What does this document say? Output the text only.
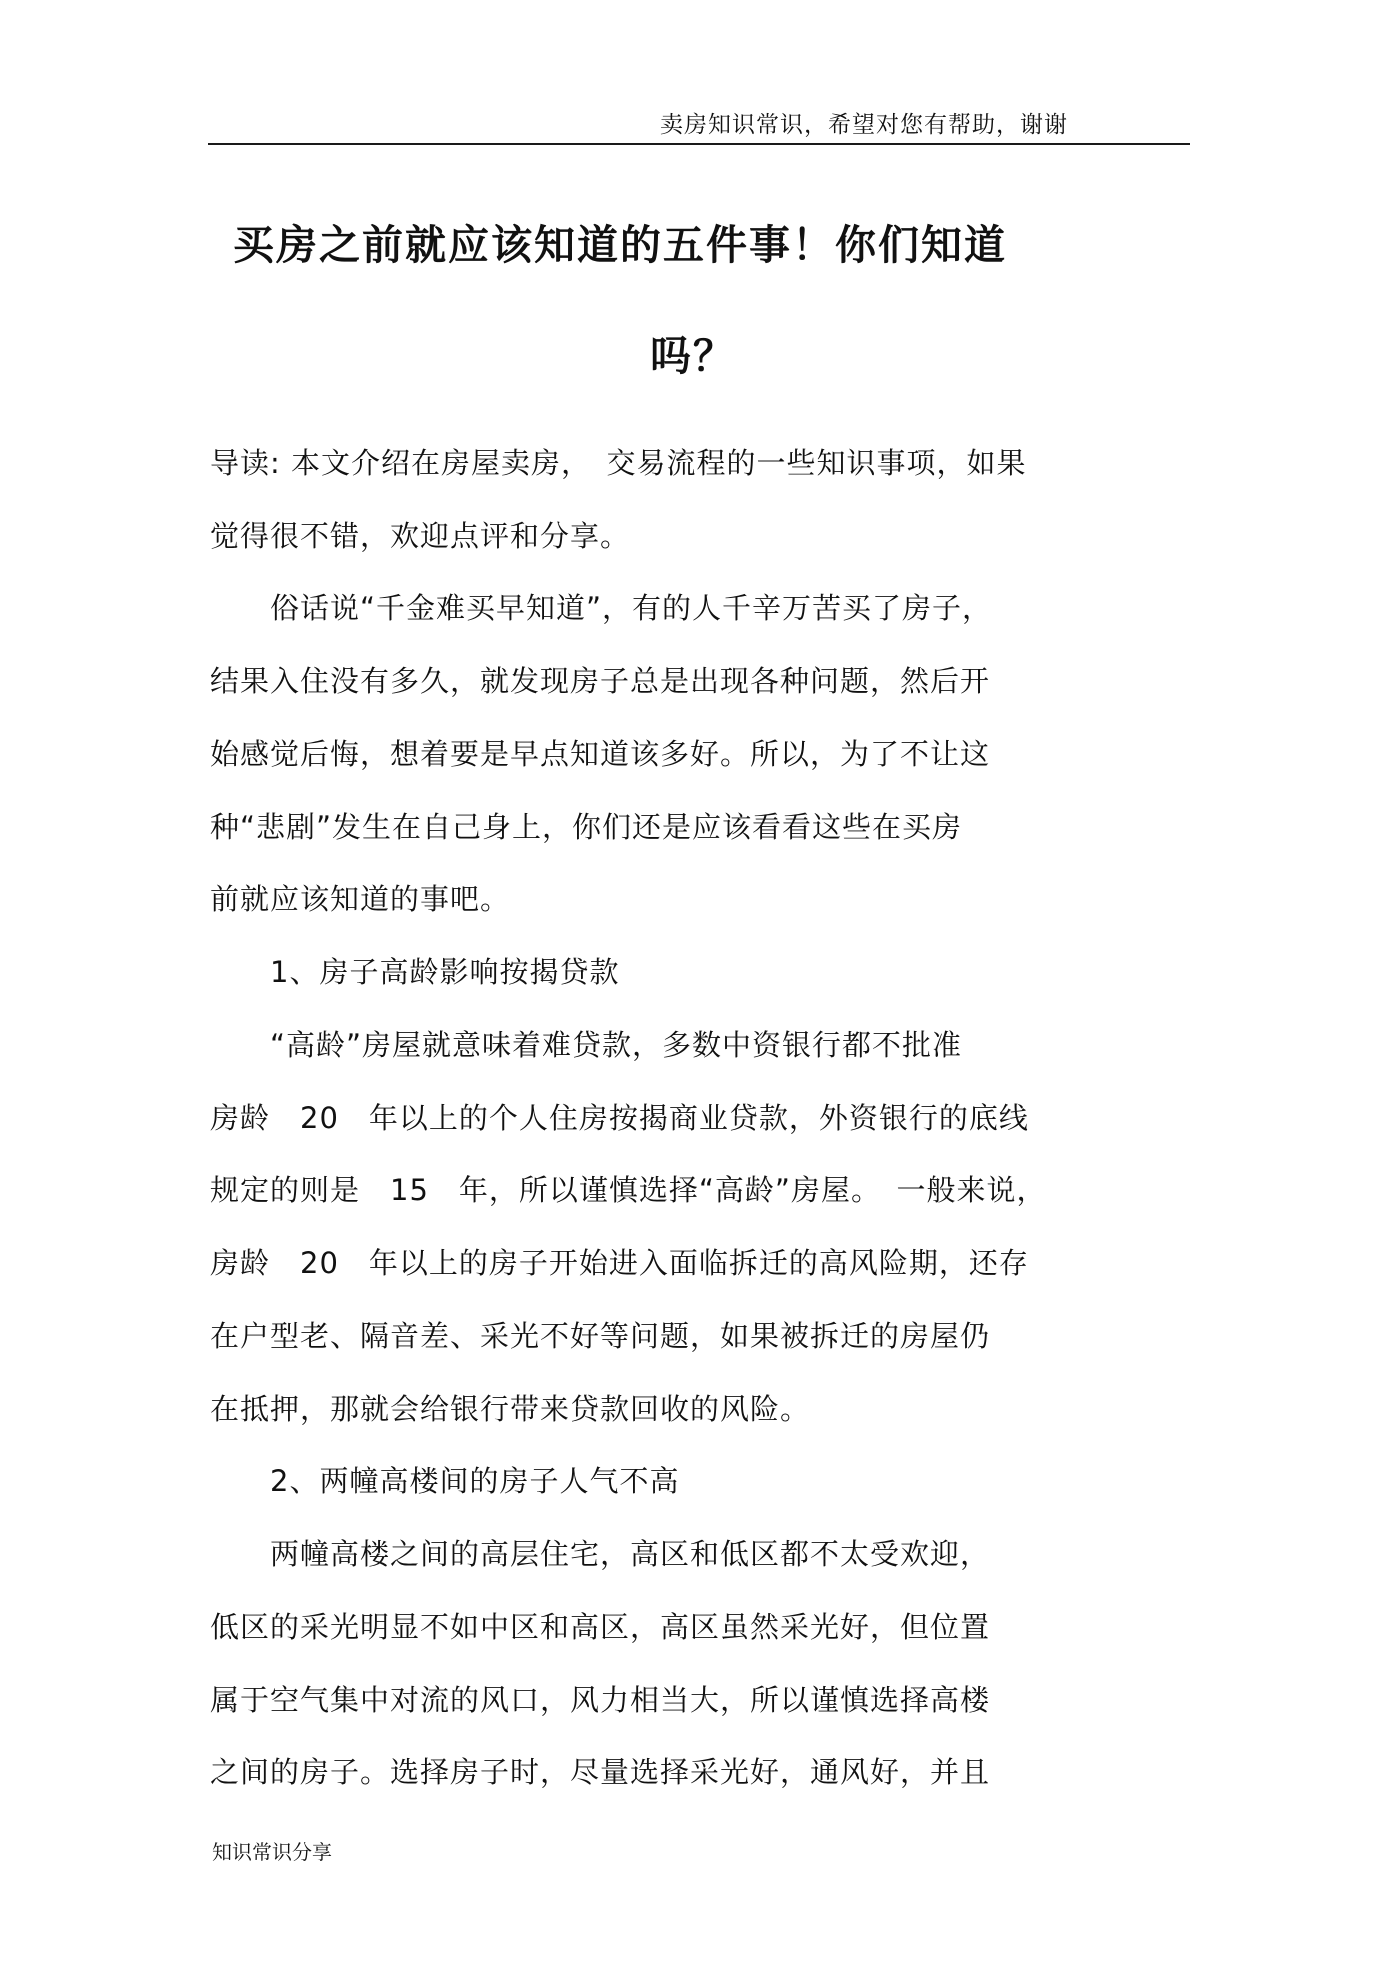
卖房知识常识，希望对您有帮助，谢谢
买房之前就应该知道的五件事！你们知道
吗？
导读: 本文介绍在房屋卖房，　交易流程的一些知识事项，如果
觉得很不错，欢迎点评和分享。
　　俗话说“千金难买早知道”，有的人千辛万苦买了房子，
结果入住没有多久，就发现房子总是出现各种问题，然后开
始感觉后悔，想着要是早点知道该多好。所以，为了不让这
种“悲剧”发生在自己身上，你们还是应该看看这些在买房
前就应该知道的事吧。
　　1、房子高龄影响按揭贷款
　　“高龄”房屋就意味着难贷款，多数中资银行都不批准
房龄　20　年以上的个人住房按揭商业贷款，外资银行的底线
规定的则是　15　年，所以谨慎选择“高龄”房屋。　一般来说，
房龄　20　年以上的房子开始进入面临拆迁的高风险期，还存
在户型老、隔音差、采光不好等问题，如果被拆迁的房屋仍
在抵押，那就会给银行带来贷款回收的风险。
　　2、两幢高楼间的房子人气不高
　　两幢高楼之间的高层住宅，高区和低区都不太受欢迎，
低区的采光明显不如中区和高区，高区虽然采光好，但位置
属于空气集中对流的风口，风力相当大，所以谨慎选择高楼
之间的房子。选择房子时，尽量选择采光好，通风好，并且
知识常识分享
